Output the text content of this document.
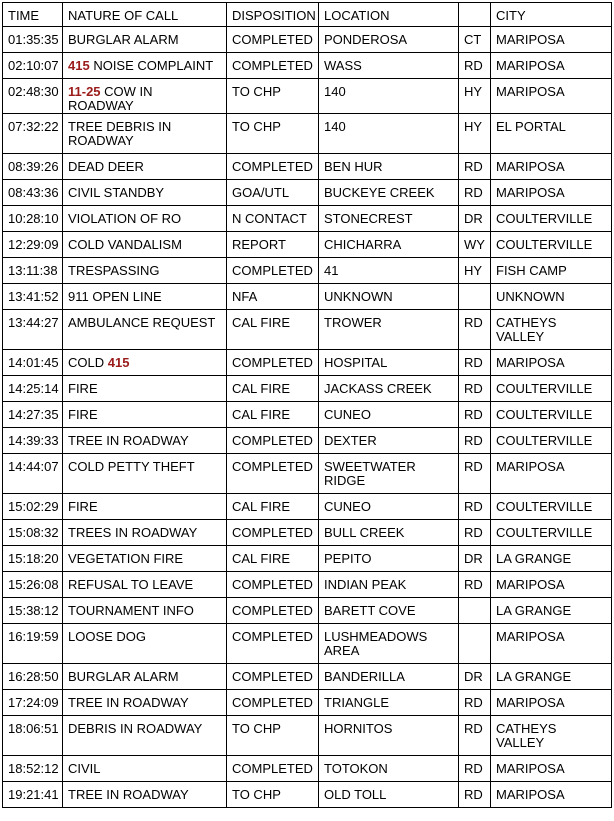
TIME	NATURE OF CALL	DISPOSITION	LOCATION		CITY
01:35:35	BURGLAR ALARM	COMPLETED	PONDEROSA	CT	MARIPOSA
02:10:07	415 NOISE COMPLAINT	COMPLETED	WASS	RD	MARIPOSA
02:48:30	11-25 COW IN ROADWAY	TO CHP	140	HY	MARIPOSA
07:32:22	TREE DEBRIS IN ROADWAY	TO CHP	140	HY	EL PORTAL
08:39:26	DEAD DEER	COMPLETED	BEN HUR	RD	MARIPOSA
08:43:36	CIVIL STANDBY	GOA/UTL	BUCKEYE CREEK	RD	MARIPOSA
10:28:10	VIOLATION OF RO	N CONTACT	STONECREST	DR	COULTERVILLE
12:29:09	COLD VANDALISM	REPORT	CHICHARRA	WY	COULTERVILLE
13:11:38	TRESPASSING	COMPLETED	41	HY	FISH CAMP
13:41:52	911 OPEN LINE	NFA	UNKNOWN		UNKNOWN
13:44:27	AMBULANCE REQUEST	CAL FIRE	TROWER	RD	CATHEYS VALLEY
14:01:45	COLD 415	COMPLETED	HOSPITAL	RD	MARIPOSA
14:25:14	FIRE	CAL FIRE	JACKASS CREEK	RD	COULTERVILLE
14:27:35	FIRE	CAL FIRE	CUNEO	RD	COULTERVILLE
14:39:33	TREE IN ROADWAY	COMPLETED	DEXTER	RD	COULTERVILLE
14:44:07	COLD PETTY THEFT	COMPLETED	SWEETWATER RIDGE	RD	MARIPOSA
15:02:29	FIRE	CAL FIRE	CUNEO	RD	COULTERVILLE
15:08:32	TREES IN ROADWAY	COMPLETED	BULL CREEK	RD	COULTERVILLE
15:18:20	VEGETATION FIRE	CAL FIRE	PEPITO	DR	LA GRANGE
15:26:08	REFUSAL TO LEAVE	COMPLETED	INDIAN PEAK	RD	MARIPOSA
15:38:12	TOURNAMENT INFO	COMPLETED	BARETT COVE		LA GRANGE
16:19:59	LOOSE DOG	COMPLETED	LUSHMEADOWS AREA		MARIPOSA
16:28:50	BURGLAR ALARM	COMPLETED	BANDERILLA	DR	LA GRANGE
17:24:09	TREE IN ROADWAY	COMPLETED	TRIANGLE	RD	MARIPOSA
18:06:51	DEBRIS IN ROADWAY	TO CHP	HORNITOS	RD	CATHEYS VALLEY
18:52:12	CIVIL	COMPLETED	TOTOKON	RD	MARIPOSA
19:21:41	TREE IN ROADWAY	TO CHP	OLD TOLL	RD	MARIPOSA
